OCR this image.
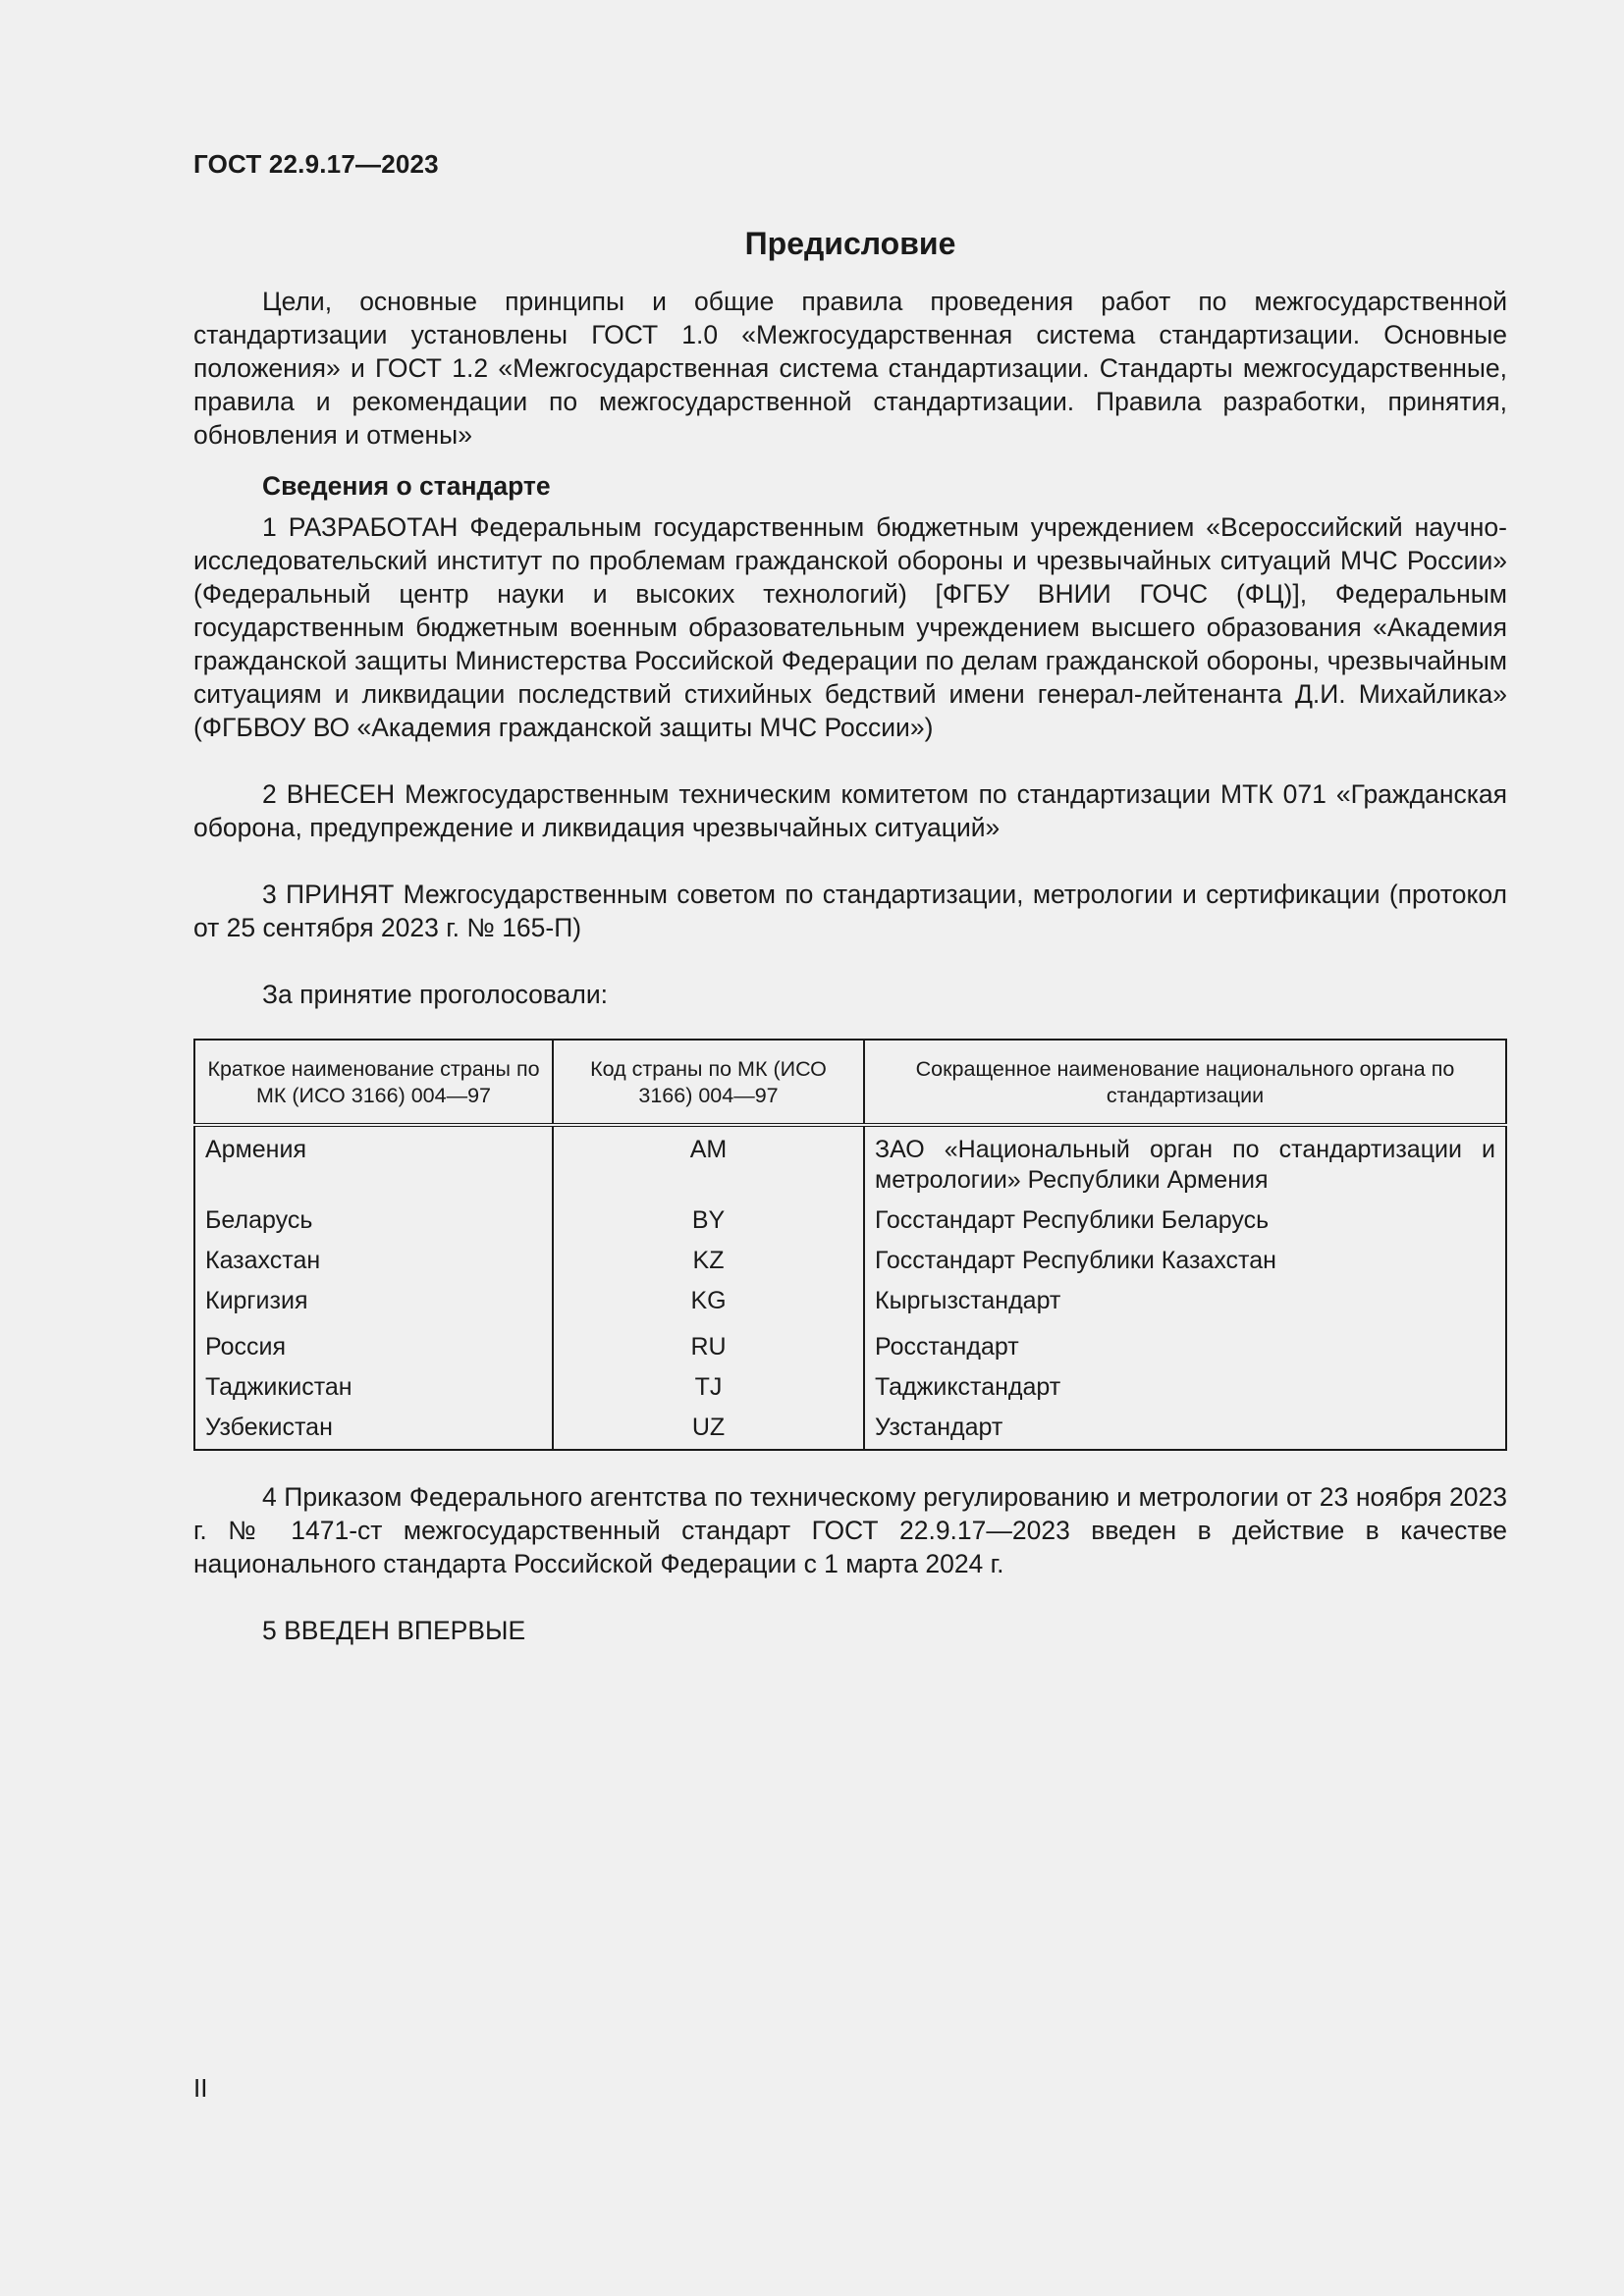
ГОСТ 22.9.17—2023
Предисловие

Цели, основные принципы и общие правила проведения работ по межгосударственной стандартизации установлены ГОСТ 1.0 «Межгосударственная система стандартизации. Основные положения» и ГОСТ 1.2 «Межгосударственная система стандартизации. Стандарты межгосударственные, правила и рекомендации по межгосударственной стандартизации. Правила разработки, принятия, обновления и отмены»

Сведения о стандарте

1 РАЗРАБОТАН Федеральным государственным бюджетным учреждением «Всероссийский научно-исследовательский институт по проблемам гражданской обороны и чрезвычайных ситуаций МЧС России» (Федеральный центр науки и высоких технологий) [ФГБУ ВНИИ ГОЧС (ФЦ)], Федеральным государственным бюджетным военным образовательным учреждением высшего образования «Академия гражданской защиты Министерства Российской Федерации по делам гражданской обороны, чрезвычайным ситуациям и ликвидации последствий стихийных бедствий имени генерал-лейтенанта Д.И. Михайлика» (ФГБВОУ ВО «Академия гражданской защиты МЧС России»)

2 ВНЕСЕН Межгосударственным техническим комитетом по стандартизации МТК 071 «Гражданская оборона, предупреждение и ликвидация чрезвычайных ситуаций»

3 ПРИНЯТ Межгосударственным советом по стандартизации, метрологии и сертификации (протокол от 25 сентября 2023 г. № 165-П)

За принятие проголосовали:

Краткое наименование страны по МК (ИСО 3166) 004—97	Код страны по МК (ИСО 3166) 004—97	Сокращенное наименование национального органа по стандартизации
Армения	AM	ЗАО «Национальный орган по стандартизации и метрологии» Республики Армения
Беларусь	BY	Госстандарт Республики Беларусь
Казахстан	KZ	Госстандарт Республики Казахстан
Киргизия	KG	Кыргызстандарт
Россия	RU	Росстандарт
Таджикистан	TJ	Таджикстандарт
Узбекистан	UZ	Узстандарт

4 Приказом Федерального агентства по техническому регулированию и метрологии от 23 ноября 2023 г. № 1471-ст межгосударственный стандарт ГОСТ 22.9.17—2023 введен в действие в качестве национального стандарта Российской Федерации с 1 марта 2024 г.

5 ВВЕДЕН ВПЕРВЫЕ

II
